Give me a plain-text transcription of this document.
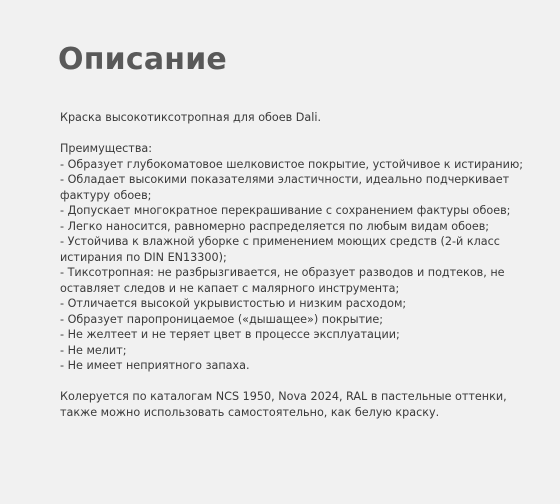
Описание

Краска высокотиксотропная для обоев Dali.

Преимущества:

- Образует глубокоматовое шелковистое покрытие, устойчивое к истиранию;
- Обладает высокими показателями эластичности, идеально подчеркивает фактуру обоев;
- Допускает многократное перекрашивание с сохранением фактуры обоев;
- Легко наносится, равномерно распределяется по любым видам обоев;
- Устойчива к влажной уборке с применением моющих средств (2-й класс истирания по DIN EN13300);
- Тиксотропная: не разбрызгивается, не образует разводов и подтеков, не оставляет следов и не капает с малярного инструмента;
- Отличается высокой укрывистостью и низким расходом;
- Образует паропроницаемое («дышащее») покрытие;
- Не желтеет и не теряет цвет в процессе эксплуатации;
- Не мелит;
- Не имеет неприятного запаха.

Колеруется по каталогам NCS 1950, Nova 2024, RAL в пастельные оттенки, также можно использовать самостоятельно, как белую краску.
